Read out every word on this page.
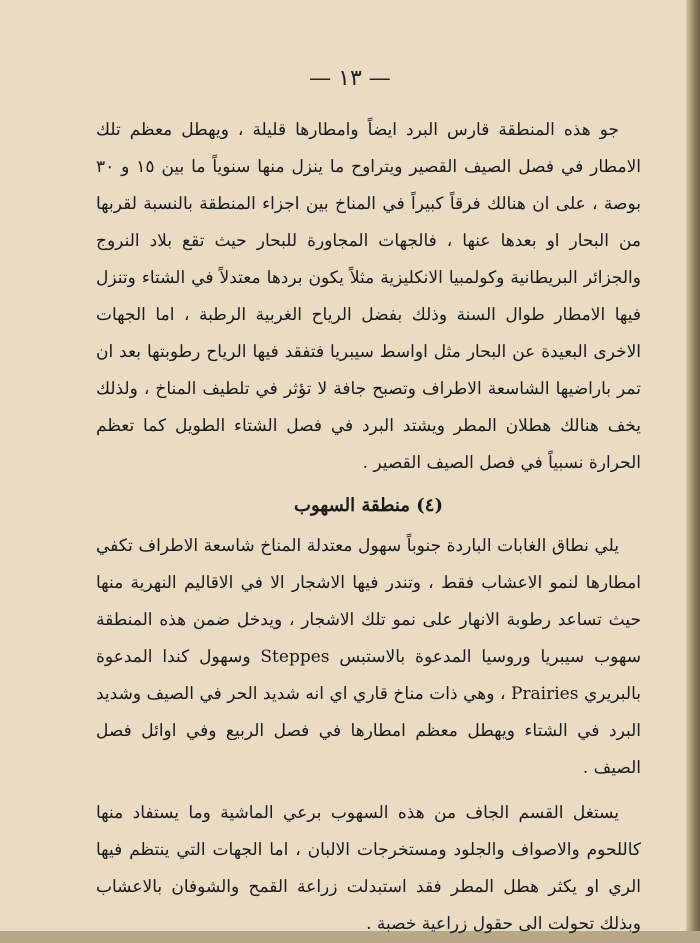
— ١٣ —

جو هذه المنطقة قارس البرد ايضاً وامطارها قليلة ، ويهطل معظم تلك الامطار في فصل الصيف القصير ويتراوح ما ينزل منها سنوياً ما بين ١٥ و ٣٠ بوصة ، على ان هنالك فرقاً كبيراً في المناخ بين اجزاء المنطقة بالنسبة لقربها من البحار او بعدها عنها ، فالجهات المجاورة للبحار حيث تقع بلاد النروج والجزائر البريطانية وكولمبيا الانكليزية مثلاً يكون بردها معتدلاً في الشتاء وتنزل فيها الامطار طوال السنة وذلك بفضل الرياح الغربية الرطبة ، اما الجهات الاخرى البعيدة عن البحار مثل اواسط سيبريا فتفقد فيها الرياح رطوبتها بعد ان تمر باراضيها الشاسعة الاطراف وتصبح جافة لا تؤثر في تلطيف المناخ ، ولذلك يخف هنالك هطلان المطر ويشتد البرد في فصل الشتاء الطويل كما تعظم الحرارة نسبياً في فصل الصيف القصير .

(٤) منطقة السهوب

يلي نطاق الغابات الباردة جنوباً سهول معتدلة المناخ شاسعة الاطراف تكفي امطارها لنمو الاعشاب فقط ، وتندر فيها الاشجار الا في الاقاليم النهرية منها حيث تساعد رطوبة الانهار على نمو تلك الاشجار ، ويدخل ضمن هذه المنطقة سهوب سيبريا وروسيا المدعوة بالاستبس Steppes وسهول كندا المدعوة بالبريري Prairies ، وهي ذات مناخ قاري اي انه شديد الحر في الصيف وشديد البرد في الشتاء ويهطل معظم امطارها في فصل الربيع وفي اوائل فصل الصيف .

يستغل القسم الجاف من هذه السهوب برعي الماشية وما يستفاد منها كاللحوم والاصواف والجلود ومستخرجات الالبان ، اما الجهات التي ينتظم فيها الري او يكثر هطل المطر فقد استبدلت زراعة القمح والشوفان بالاعشاب وبذلك تحولت الى حقول زراعية خصبة .
